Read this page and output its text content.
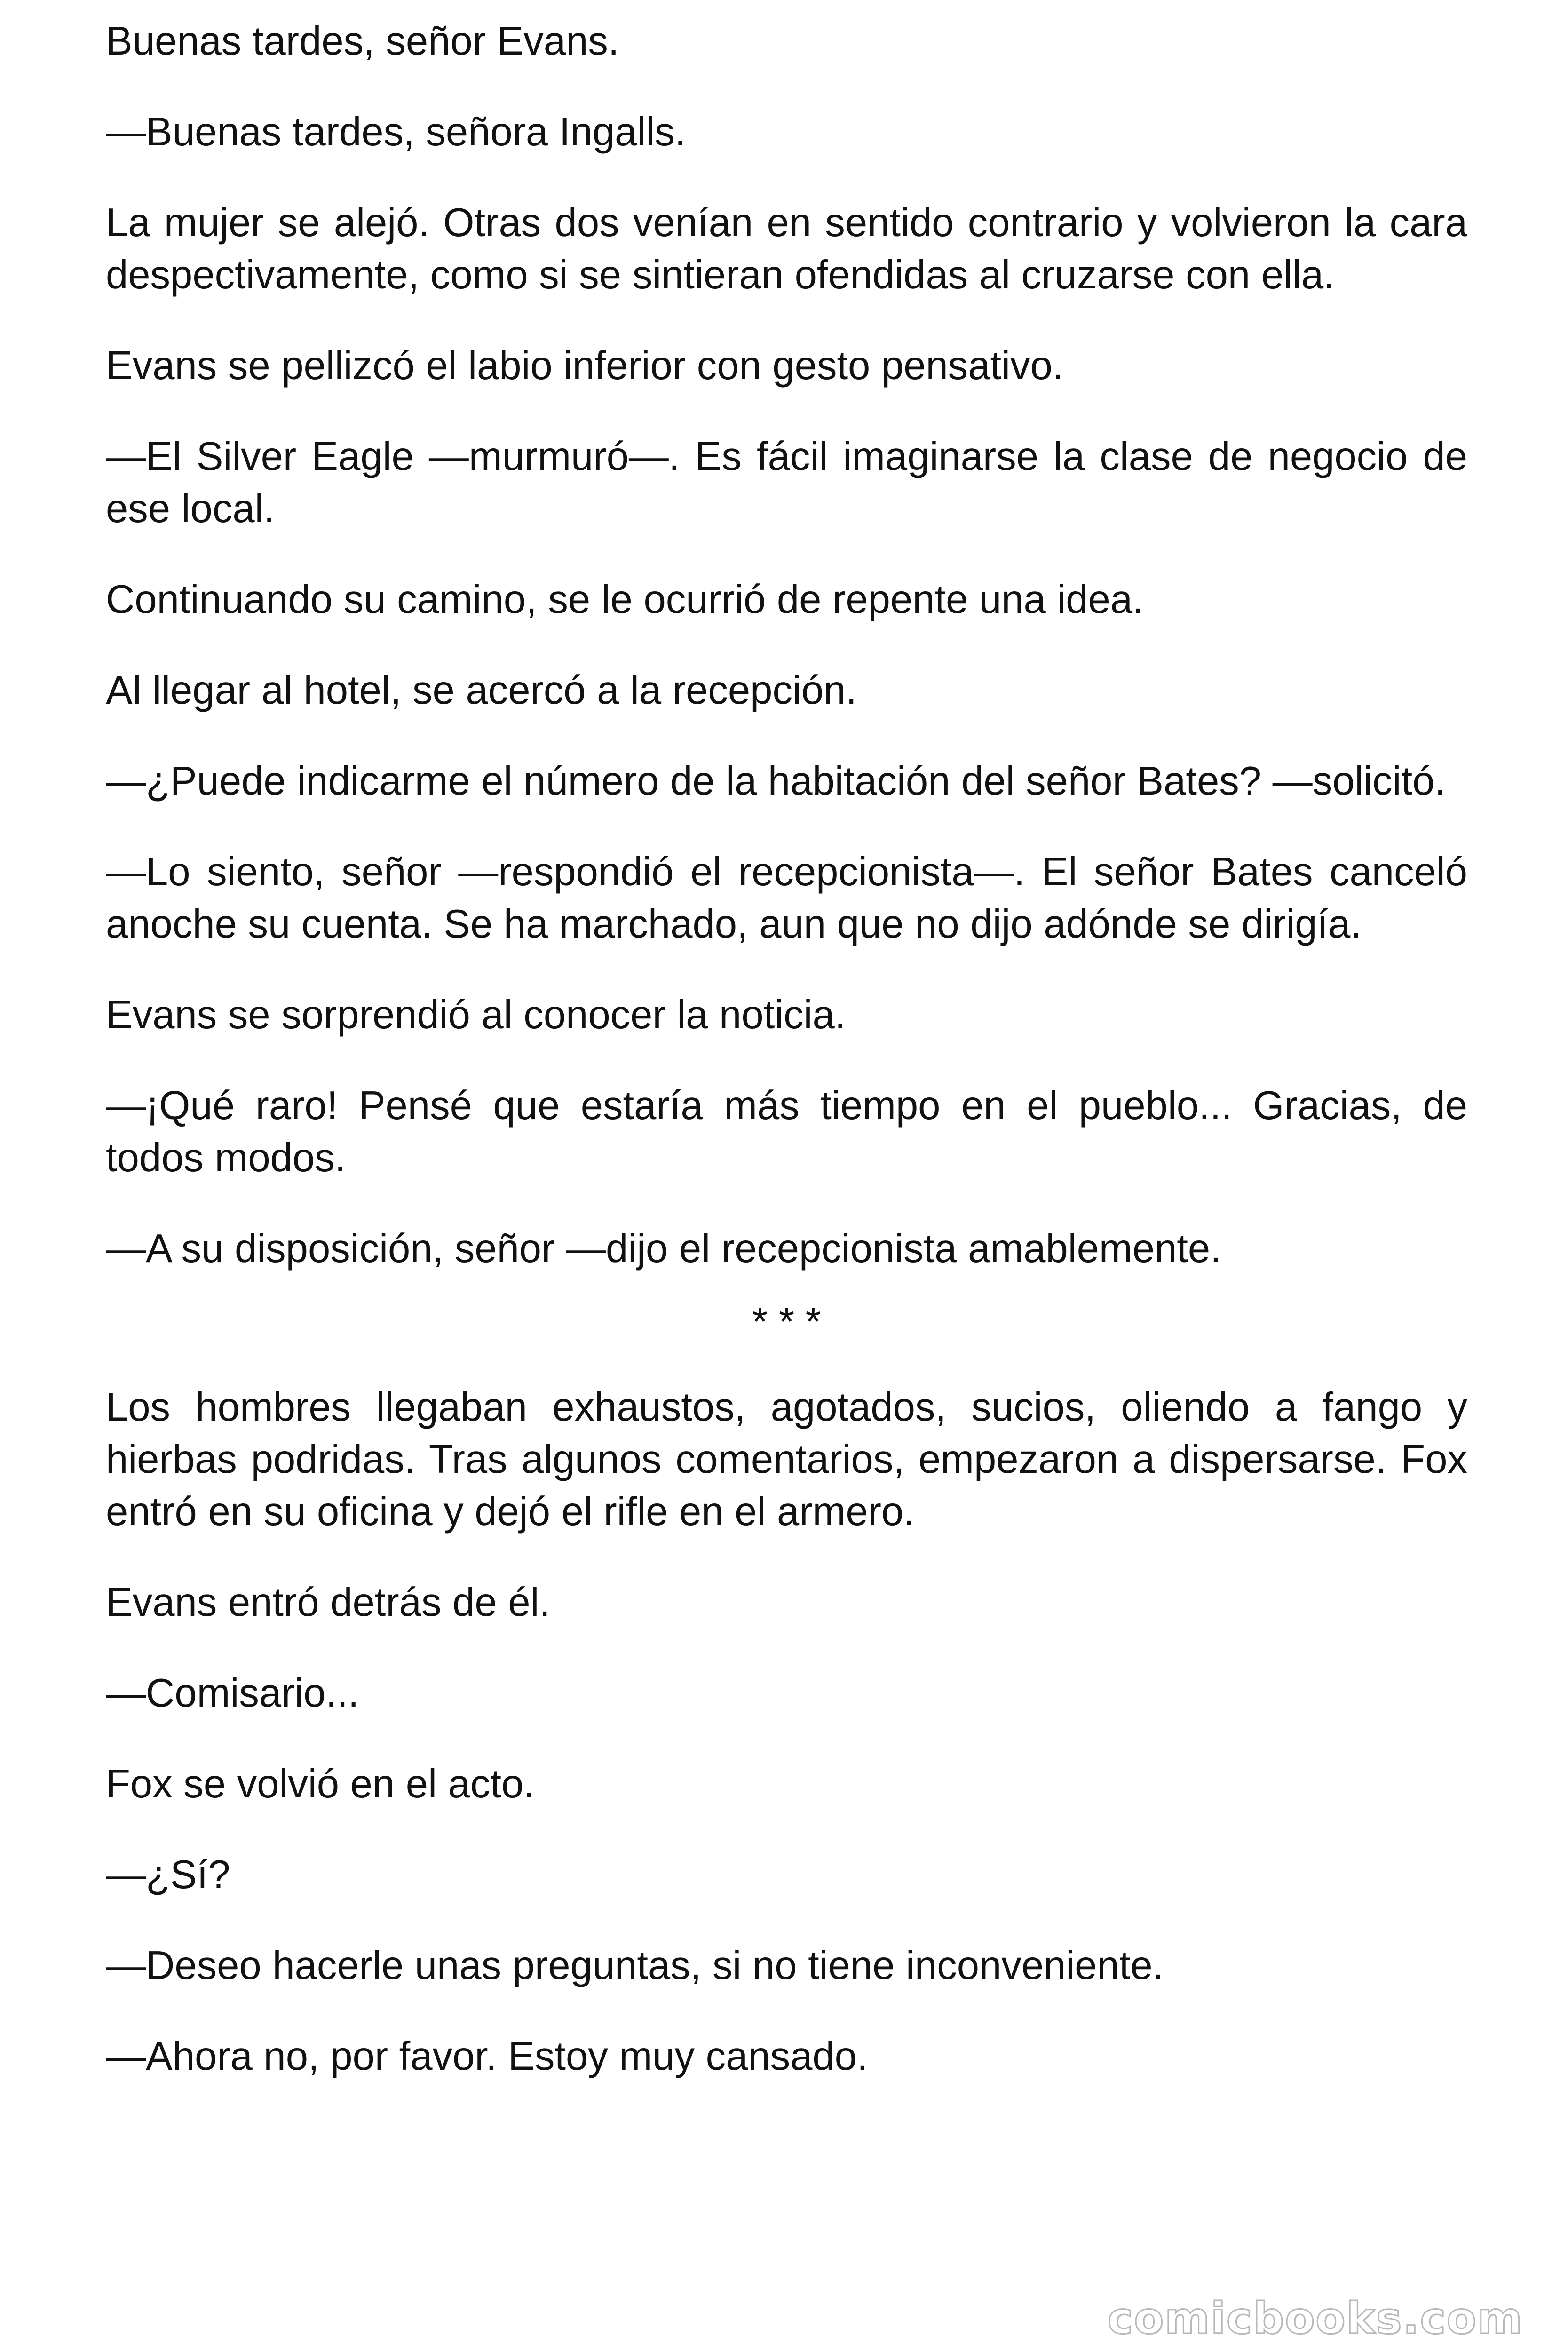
Buenas tardes, señor Evans.

—Buenas tardes, señora Ingalls.

La mujer se alejó. Otras dos venían en sentido contrario y volvieron la cara despectivamente, como si se sintieran ofendidas al cruzarse con ella.

Evans se pellizcó el labio inferior con gesto pensativo.

—El Silver Eagle —murmuró—. Es fácil imaginarse la clase de negocio de ese local.

Continuando su camino, se le ocurrió de repente una idea.

Al llegar al hotel, se acercó a la recepción.

—¿Puede indicarme el número de la habitación del señor Bates? —solicitó.

—Lo siento, señor —respondió el recepcionista—. El señor Bates canceló anoche su cuenta. Se ha marchado, aun que no dijo adónde se dirigía.

Evans se sorprendió al conocer la noticia.

—¡Qué raro! Pensé que estaría más tiempo en el pueblo... Gracias, de todos modos.

—A su disposición, señor —dijo el recepcionista amablemente.

* * *

Los hombres llegaban exhaustos, agotados, sucios, oliendo a fango y hierbas podridas. Tras algunos comentarios, empezaron a dispersarse. Fox entró en su oficina y dejó el rifle en el armero.

Evans entró detrás de él.

—Comisario...

Fox se volvió en el acto.

—¿Sí?

—Deseo hacerle unas preguntas, si no tiene inconveniente.

—Ahora no, por favor. Estoy muy cansado.

comicbooks.com
